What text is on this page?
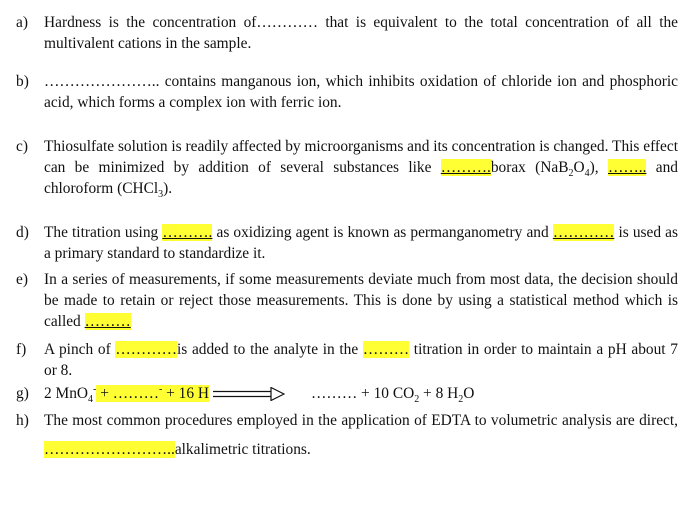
a) Hardness is the concentration of………… that is equivalent to the total concentration of all the multivalent cations in the sample.
b) ………………….. contains manganous ion, which inhibits oxidation of chloride ion and phosphoric acid, which forms a complex ion with ferric ion.
c) Thiosulfate solution is readily affected by microorganisms and its concentration is changed. This effect can be minimized by addition of several substances like ……….borax $(NaB_2O_4)$, …….. and chloroform (CHCl$_3$).
d) The titration using ………. as oxidizing agent is known as permanganometry and ………… is used as a primary standard to standardize it.
e) In a series of measurements, if some measurements deviate much from most data, the decision should be made to retain or reject those measurements. This is done by using a statistical method which is called ………
f) A pinch of …………is added to the analyte in the ……… titration in order to maintain a pH about 7 or 8.
g) 2 MnO$_4$- + ………- + 16 H	……… + 10 $CO_2 + 8$ $H_2O$
h) The most common procedures employed in the application of EDTA to volumetric analysis are direct, ……………………..alkalimetric titrations.
